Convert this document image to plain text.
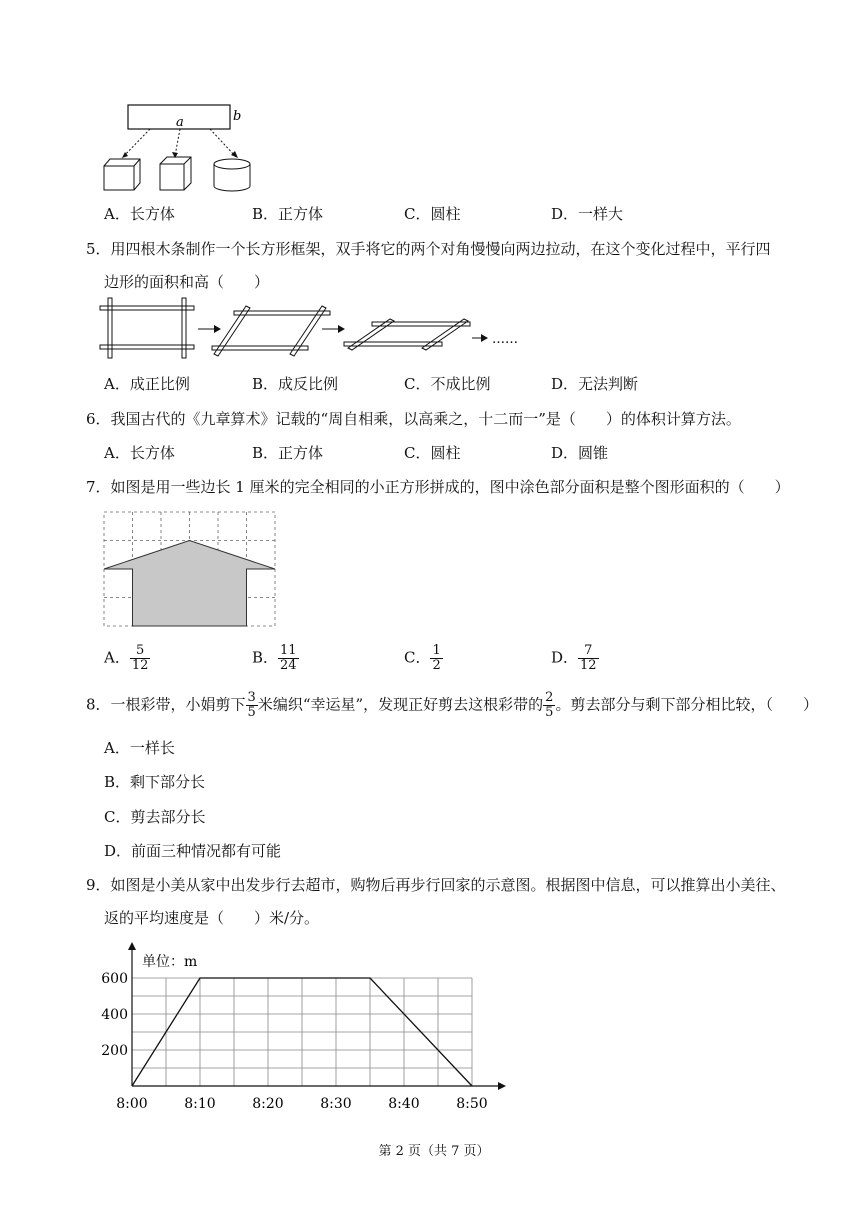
a	b
A．长方体	B．正方体	C．圆柱	D．一样大
5．用四根木条制作一个长方形框架，双手将它的两个对角慢慢向两边拉动，在这个变化过程中，平行四
边形的面积和高（　　）
……
A．成正比例	B．成反比例	C．不成比例	D．无法判断
6．我国古代的《九章算术》记载的“周自相乘，以高乘之，十二而一”是（　　）的体积计算方法。
A．长方体	B．正方体	C．圆柱	D．圆锥
7．如图是用一些边长 1 厘米的完全相同的小正方形拼成的，图中涂色部分面积是整个图形面积的（　　）
A． $\frac{5}{12}$	B． $\frac{11}{24}$	C． $\frac{1}{2}$	D． $\frac{7}{12}$
8．一根彩带，小娟剪下 $\frac{3}{5}$ 米编织“幸运星”，发现正好剪去这根彩带的 $\frac{2}{5}$ 。剪去部分与剩下部分相比较，（　　）
A．一样长
B．剩下部分长
C．剪去部分长
D．前面三种情况都有可能
9．如图是小美从家中出发步行去超市，购物后再步行回家的示意图。根据图中信息，可以推算出小美往、
返的平均速度是（　　）米/分。
8:00	8:10	8:20	8:30	8:40	8:50
200
400
600
单位：m
第 2 页（共 7 页）
